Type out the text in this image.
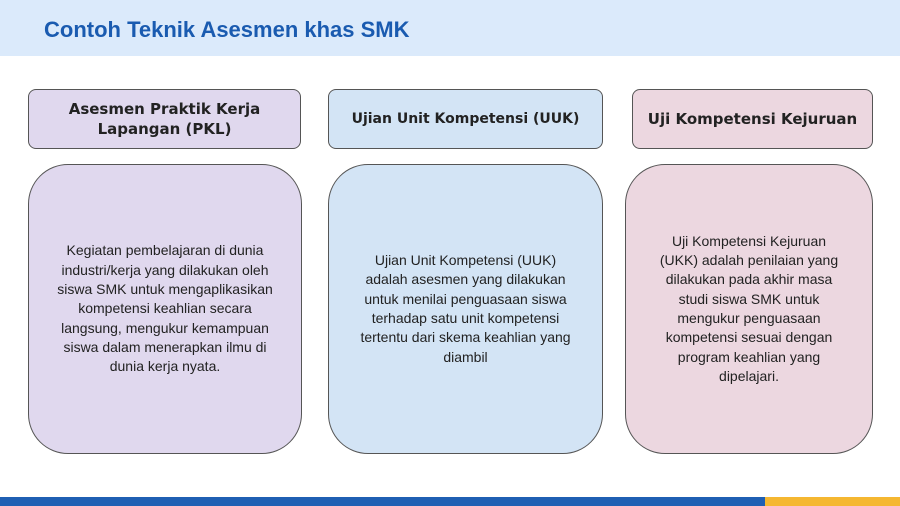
Contoh Teknik Asesmen khas SMK
Asesmen Praktik Kerja Lapangan (PKL)
Kegiatan pembelajaran di dunia industri/kerja yang dilakukan oleh siswa SMK untuk mengaplikasikan kompetensi keahlian secara langsung, mengukur kemampuan siswa dalam menerapkan ilmu di dunia kerja nyata.
Ujian Unit Kompetensi (UUK)
Ujian Unit Kompetensi (UUK) adalah asesmen yang dilakukan untuk menilai penguasaan siswa terhadap satu unit kompetensi tertentu dari skema keahlian yang diambil
Uji Kompetensi Kejuruan
Uji Kompetensi Kejuruan (UKK) adalah penilaian yang dilakukan pada akhir masa studi siswa SMK untuk mengukur penguasaan kompetensi sesuai dengan program keahlian yang dipelajari.
